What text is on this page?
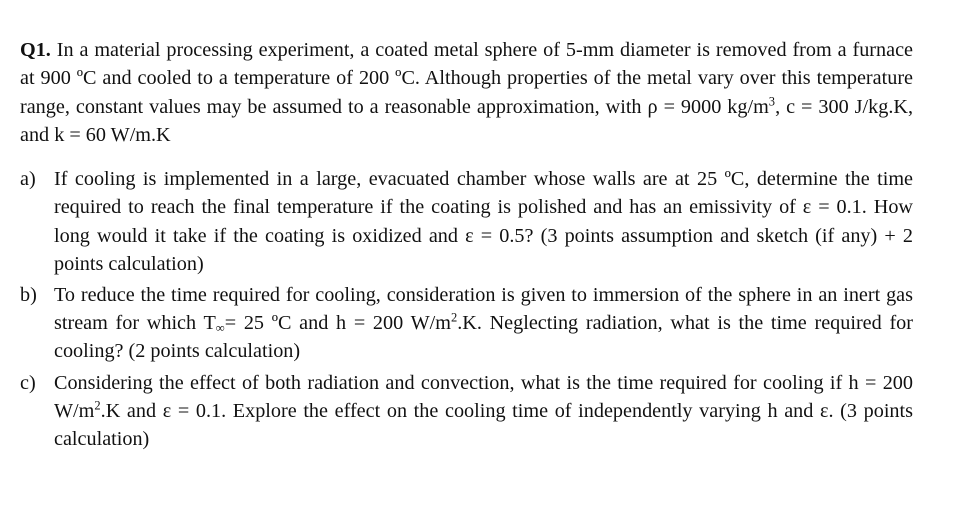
Q1. In a material processing experiment, a coated metal sphere of 5-mm diameter is removed from a furnace at 900 ºC and cooled to a temperature of 200 ºC. Although properties of the metal vary over this temperature range, constant values may be assumed to a reasonable approximation, with ρ = 9000 $kg/m^3$, c = 300 J/kg.K, and k = 60 W/m.K

a) If cooling is implemented in a large, evacuated chamber whose walls are at 25 ºC, determine the time required to reach the final temperature if the coating is polished and has an emissivity of ε = 0.1. How long would it take if the coating is oxidized and ε = 0.5? (3 points assumption and sketch (if any) + 2 points calculation)
b) To reduce the time required for cooling, consideration is given to immersion of the sphere in an inert gas stream for which $T_\infty= 25$ ºC and h = 200 $W/m^2.K$. Neglecting radiation, what is the time required for cooling? (2 points calculation)
c) Considering the effect of both radiation and convection, what is the time required for cooling if h = 200 $W/m^2.K$ and ε = 0.1. Explore the effect on the cooling time of independently varying h and ε. (3 points calculation)
